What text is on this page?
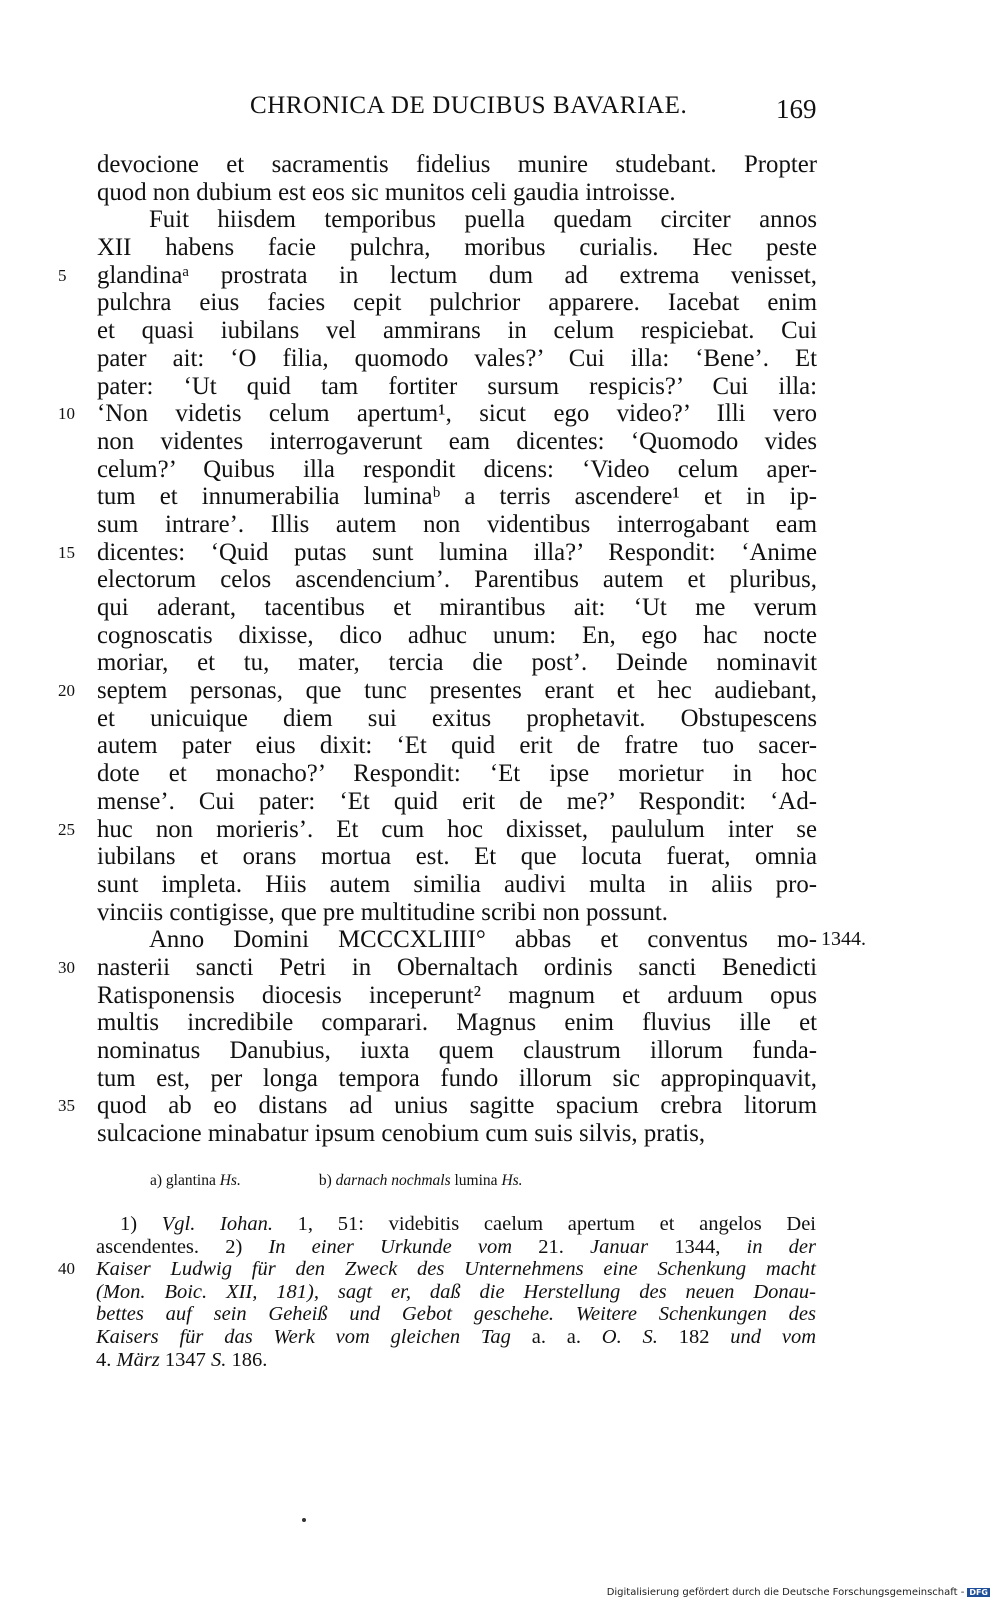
CHRONICA DE DUCIBUS BAVARIAE.	169
devocione et sacramentis fidelius munire studebant. Propter
quod non dubium est eos sic munitos celi gaudia introisse.
Fuit hiisdem temporibus puella quedam circiter annos
XII habens facie pulchra, moribus curialis. Hec peste
5	glandinaᵃ prostrata in lectum dum ad extrema venisset,
pulchra eius facies cepit pulchrior apparere. Iacebat enim
et quasi iubilans vel ammirans in celum respiciebat. Cui
pater ait: ‘O filia, quomodo vales?’ Cui illa: ‘Bene’. Et
pater: ‘Ut quid tam fortiter sursum respicis?’ Cui illa:
10 ‘Non videtis celum apertum¹, sicut ego video?’ Illi vero
non videntes interrogaverunt eam dicentes: ‘Quomodo vides
celum?’ Quibus illa respondit dicens: ‘Video celum aper-
tum et innumerabilia luminaᵇ a terris ascendere¹ et in ip-
sum intrare’. Illis autem non videntibus interrogabant eam
15 dicentes: ‘Quid putas sunt lumina illa?’ Respondit: ‘Anime
electorum celos ascendencium’. Parentibus autem et pluribus,
qui aderant, tacentibus et mirantibus ait: ‘Ut me verum
cognoscatis dixisse, dico adhuc unum: En, ego hac nocte
moriar, et tu, mater, tercia die post’. Deinde nominavit
20 septem personas, que tunc presentes erant et hec audiebant,
et unicuique diem sui exitus prophetavit. Obstupescens
autem pater eius dixit: ‘Et quid erit de fratre tuo sacer-
dote et monacho?’ Respondit: ‘Et ipse morietur in hoc
mense’. Cui pater: ‘Et quid erit de me?’ Respondit: ‘Ad-
25 huc non morieris’. Et cum hoc dixisset, paululum inter se
iubilans et orans mortua est. Et que locuta fuerat, omnia
sunt impleta. Hiis autem similia audivi multa in aliis pro-
vinciis contigisse, que pre multitudine scribi non possunt.
Anno Domini MCCCXLIIII° abbas et conventus mo- 1344.
30 nasterii sancti Petri in Obernaltach ordinis sancti Benedicti
Ratisponensis diocesis inceperunt² magnum et arduum opus
multis incredibile comparari. Magnus enim fluvius ille et
nominatus Danubius, iuxta quem claustrum illorum funda-
tum est, per longa tempora fundo illorum sic appropinquavit,
35 quod ab eo distans ad unius sagitte spacium crebra litorum
sulcacione minabatur ipsum cenobium cum suis silvis, pratis,
a) glantina Hs.	b) darnach nochmals lumina Hs.
1) Vgl. Iohan. 1, 51: videbitis caelum apertum et angelos Dei
ascendentes. 2) In einer Urkunde vom 21. Januar 1344, in der
40	Kaiser Ludwig für den Zweck des Unternehmens eine Schenkung macht
(Mon. Boic. XII, 181), sagt er, daß die Herstellung des neuen Donau-
bettes auf sein Geheiß und Gebot geschehe. Weitere Schenkungen des
Kaisers für das Werk vom gleichen Tag a. a. O. S. 182 und vom
4. März 1347 S. 186.
Digitalisierung gefördert durch die Deutsche Forschungsgemeinschaft - DFG
